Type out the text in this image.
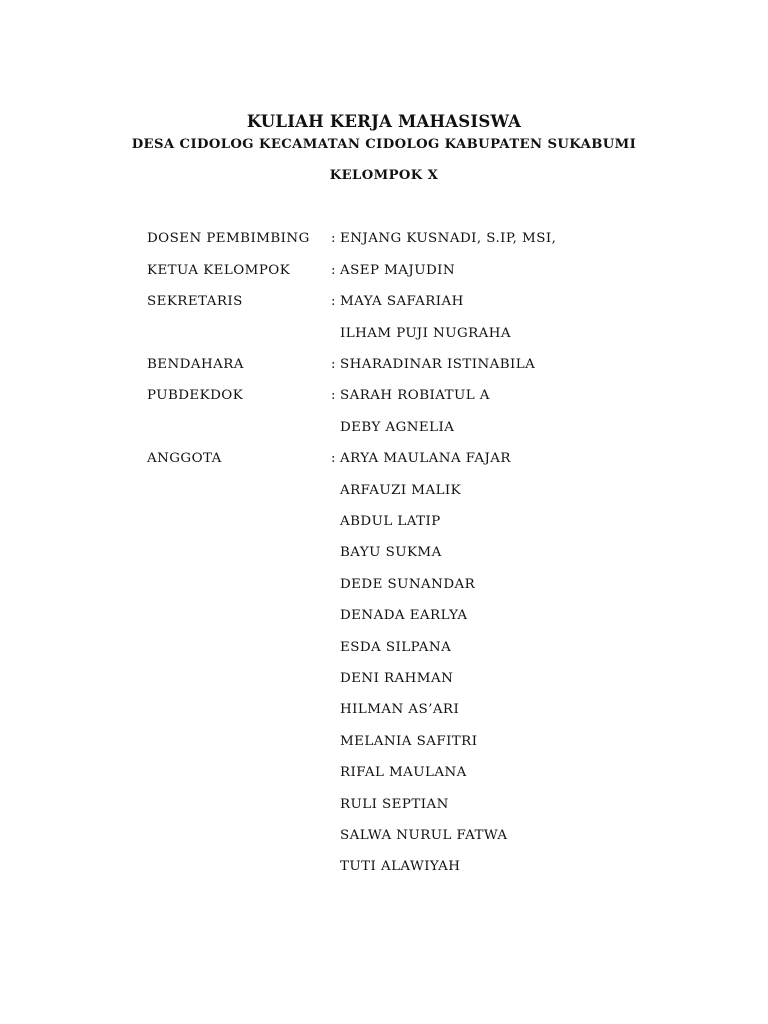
KULIAH KERJA MAHASISWA
DESA CIDOLOG KECAMATAN CIDOLOG KABUPATEN SUKABUMI
KELOMPOK X
DOSEN PEMBIMBING : ENJANG KUSNADI, S.IP, MSI,
KETUA KELOMPOK	: ASEP MAJUDIN
SEKRETARIS	: MAYA SAFARIAH
ILHAM PUJI NUGRAHA
BENDAHARA	: SHARADINAR ISTINABILA
PUBDEKDOK	: SARAH ROBIATUL A
DEBY AGNELIA
ANGGOTA	: ARYA MAULANA FAJAR
ARFAUZI MALIK
ABDUL LATIP
BAYU SUKMA
DEDE SUNANDAR
DENADA EARLYA
ESDA SILPANA
DENI RAHMAN
HILMAN AS’ARI
MELANIA SAFITRI
RIFAL MAULANA
RULI SEPTIAN
SALWA NURUL FATWA
TUTI ALAWIYAH
